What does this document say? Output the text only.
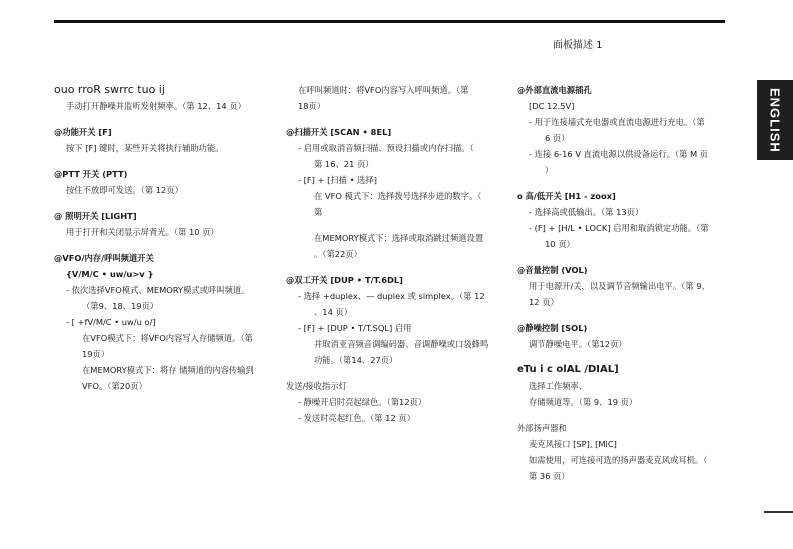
面板描述 1
ENGLISH
ouo rroR swrrc tuo ij
手动打开静噪并监听发射频率。（第 12、14 页）
@功能开关 [F]
按下 [F] 键时，某些开关将执行辅助功能。
@PTT 开关 (PTT)
按住不放即可发送。（第 12页）
@ 照明开关 [LIGHT]
用于打开和关闭显示屏背光。（第 10 页）
@VFO/内存/呼叫频道开关
{V/M/C • uw/u>v }
- 依次选择VFO模式、MEMORY模式或呼叫频道。
（第9、18、19页）
- [ +fV/M/C • uw/u o/]
在VFO模式下：将VFO内容写入存储频道。（第
19页）
在MEMORY模式下：将存 储频道的内容传输到
VFO。（第20页）
在呼叫频道时：将VFO内容写入呼叫频道。（第
18页）
@扫描开关 [SCAN • 8EL]
- 启用或取消音频扫描、预设扫描或内存扫描。（
第 16、21 页）
- [F] + [扫描 • 选择]
在 VFO 模式下：选择拨号选择步进的数字。（
第
在MEMORY模式下：选择或取消跳过频道设置
。（第22页）
@双工开关 [DUP • T/T.6DL]
- 选择 +duplex、— duplex 或 simplex。（第 12
、14 页）
- [F] + [DUP • T/T.SQL] 启用
并取消亚音频音调编码器、音调静噪或口袋蜂鸣
功能。（第14、27页）
发送/接收指示灯
- 静噪开启时亮起绿色。（第12页）
- 发送时亮起红色。（第 12 页）
@外部直流电源插孔
[DC 12.5V]
- 用于连接墙式充电器或直流电源进行充电。（第
6 页）
- 连接 6-16 V 直流电源以供设备运行。（第 M 页
）
o 高/低开关 [H1 - zoox]
- 选择高或低输出。（第 13页）
- (F] + [H/L • LOCK] 启用和取消锁定功能。（第
10 页）
@音量控制 (VOL)
用于电源开/关，以及调节音频输出电平。（第 9、
12 页）
@静噪控制 [SOL)
调节静噪电平。（第12页）
eTu i c olAL /DIAL]
选择工作频率、
存储频道等。（第 9、19 页）
外部扬声器和
麦克风接口 [SP], [MiC]
如需使用，可连接可选的扬声器麦克风或耳机。（
第 36 页）
